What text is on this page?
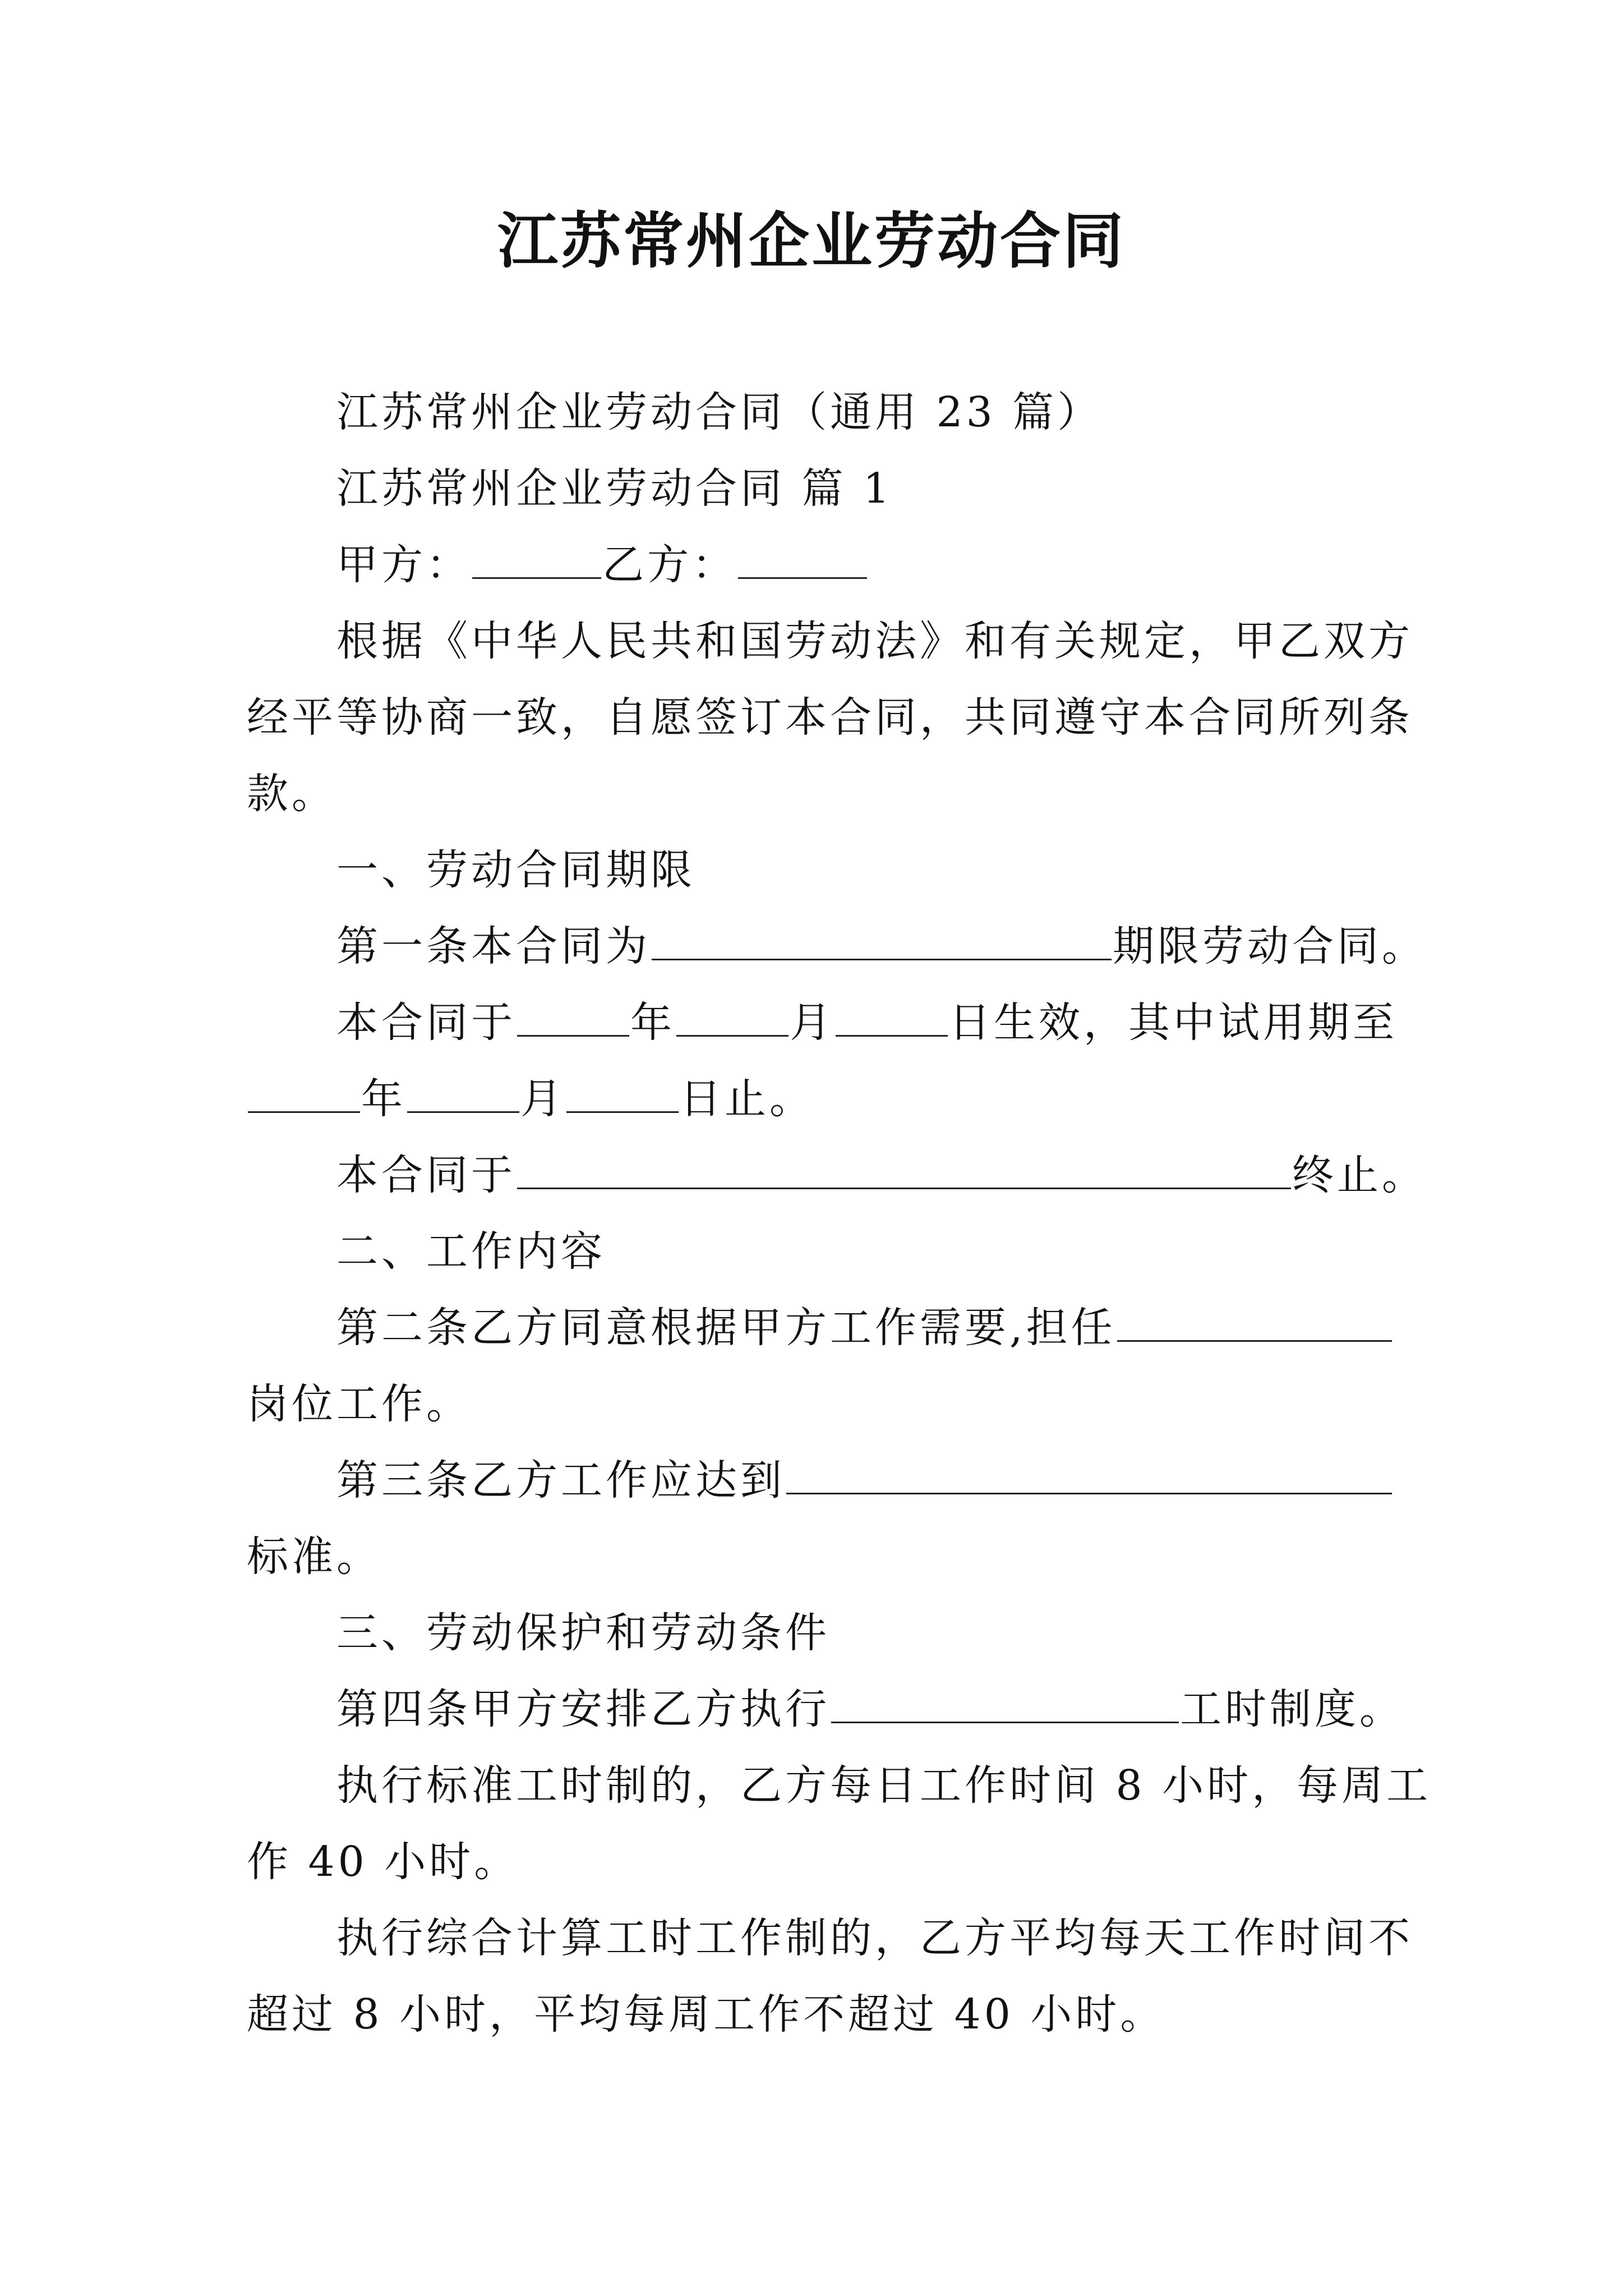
江苏常州企业劳动合同
江苏常州企业劳动合同（通用 23 篇）
江苏常州企业劳动合同 篇 1
甲方：	乙方：
根据《中华人民共和国劳动法》和有关规定，甲乙双方
经平等协商一致，自愿签订本合同，共同遵守本合同所列条
款。
一、劳动合同期限
第一条本合同为	期限劳动合同。
本合同于	年	月	日生效，其中试用期至
年	月	日止。
本合同于	终止。
二、工作内容
第二条乙方同意根据甲方工作需要,担任
岗位工作。
第三条乙方工作应达到
标准。
三、劳动保护和劳动条件
第四条甲方安排乙方执行	工时制度。
执行标准工时制的，乙方每日工作时间 8 小时，每周工
作 40 小时。
执行综合计算工时工作制的，乙方平均每天工作时间不
超过 8 小时，平均每周工作不超过 40 小时。
